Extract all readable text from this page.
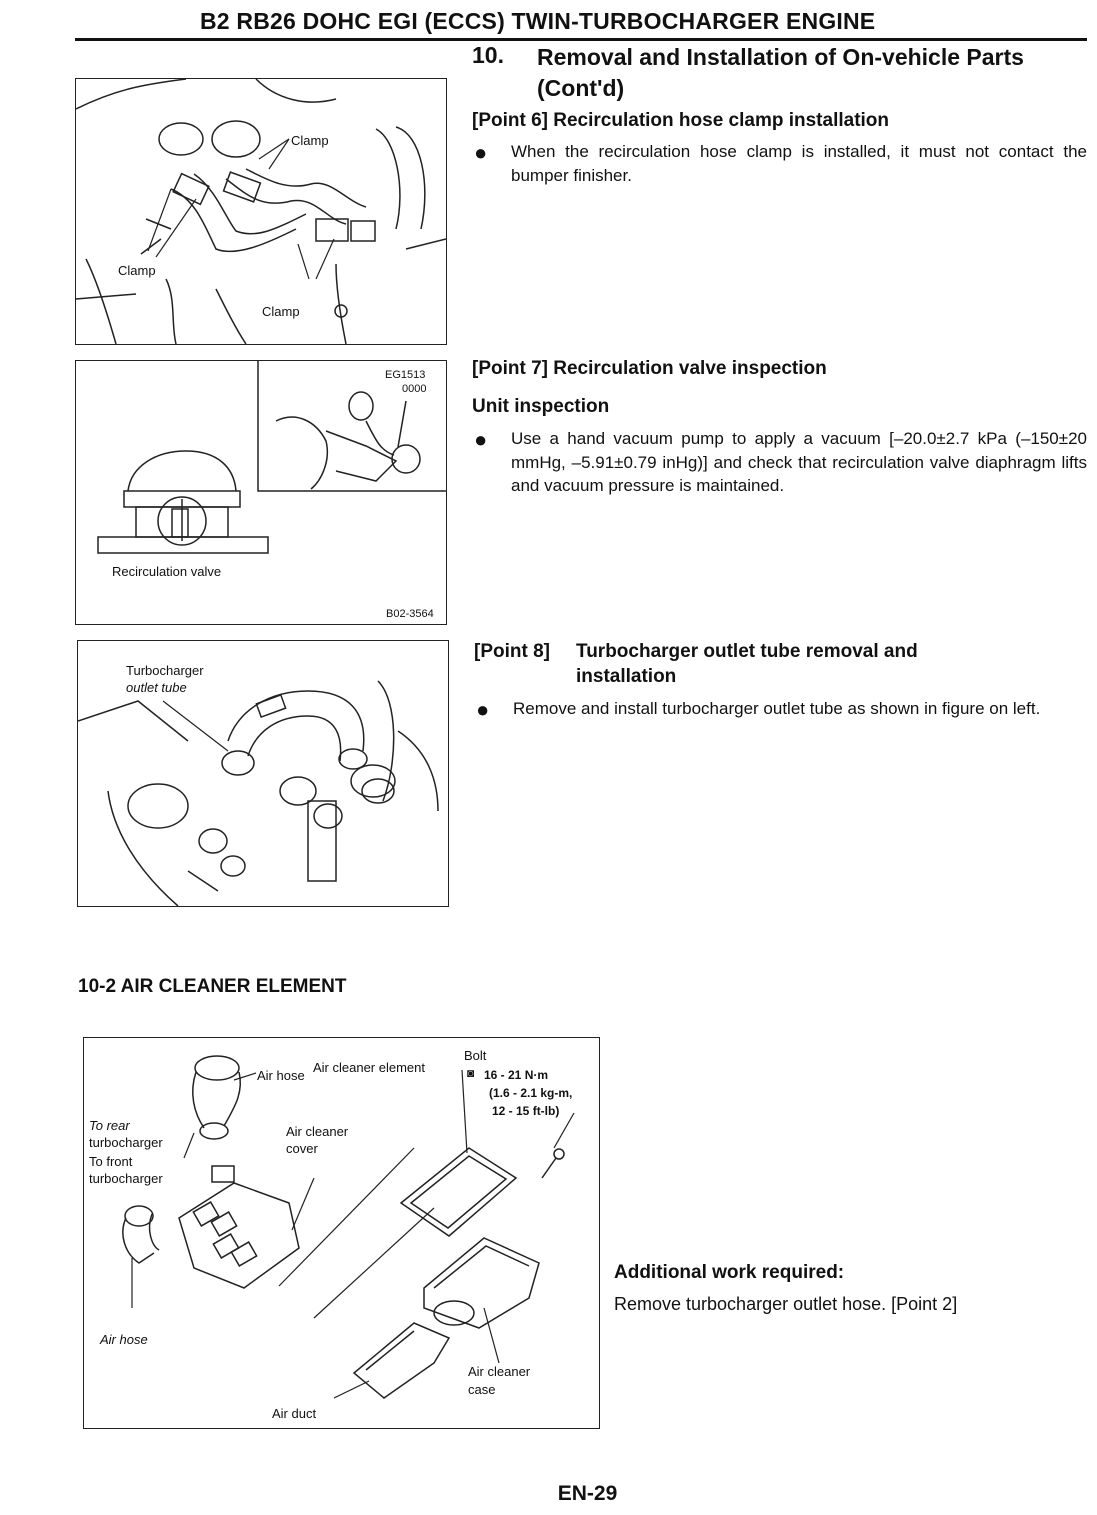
B2 RB26 DOHC EGI (ECCS) TWIN-TURBOCHARGER ENGINE
10. Removal and Installation of On-vehicle Parts (Cont'd)
[Point 6] Recirculation hose clamp installation
● When the recirculation hose clamp is installed, it must not contact the bumper finisher.
[Point 7] Recirculation valve inspection
Unit inspection
● Use a hand vacuum pump to apply a vacuum [–20.0±2.7 kPa (–150±20 mmHg, –5.91±0.79 inHg)] and check that recirculation valve diaphragm lifts and vacuum pressure is maintained.
[Point 8] Turbocharger outlet tube removal and
installation
● Remove and install turbocharger outlet tube as shown in figure on left.
Clamp
Clamp
Clamp
EG1513
0000
Recirculation valve
B02-3564
Turbocharger
outlet tube
10-2 AIR CLEANER ELEMENT
Air hose
Air cleaner element
Bolt
◙ 16 - 21 N·m
(1.6 - 2.1 kg-m,
12 - 15 ft-lb)
To rear
turbocharger
To front
turbocharger
Air cleaner
cover
Air hose
Air cleaner
case
Air duct
Additional work required:
Remove turbocharger outlet hose. [Point 2]
EN-29
